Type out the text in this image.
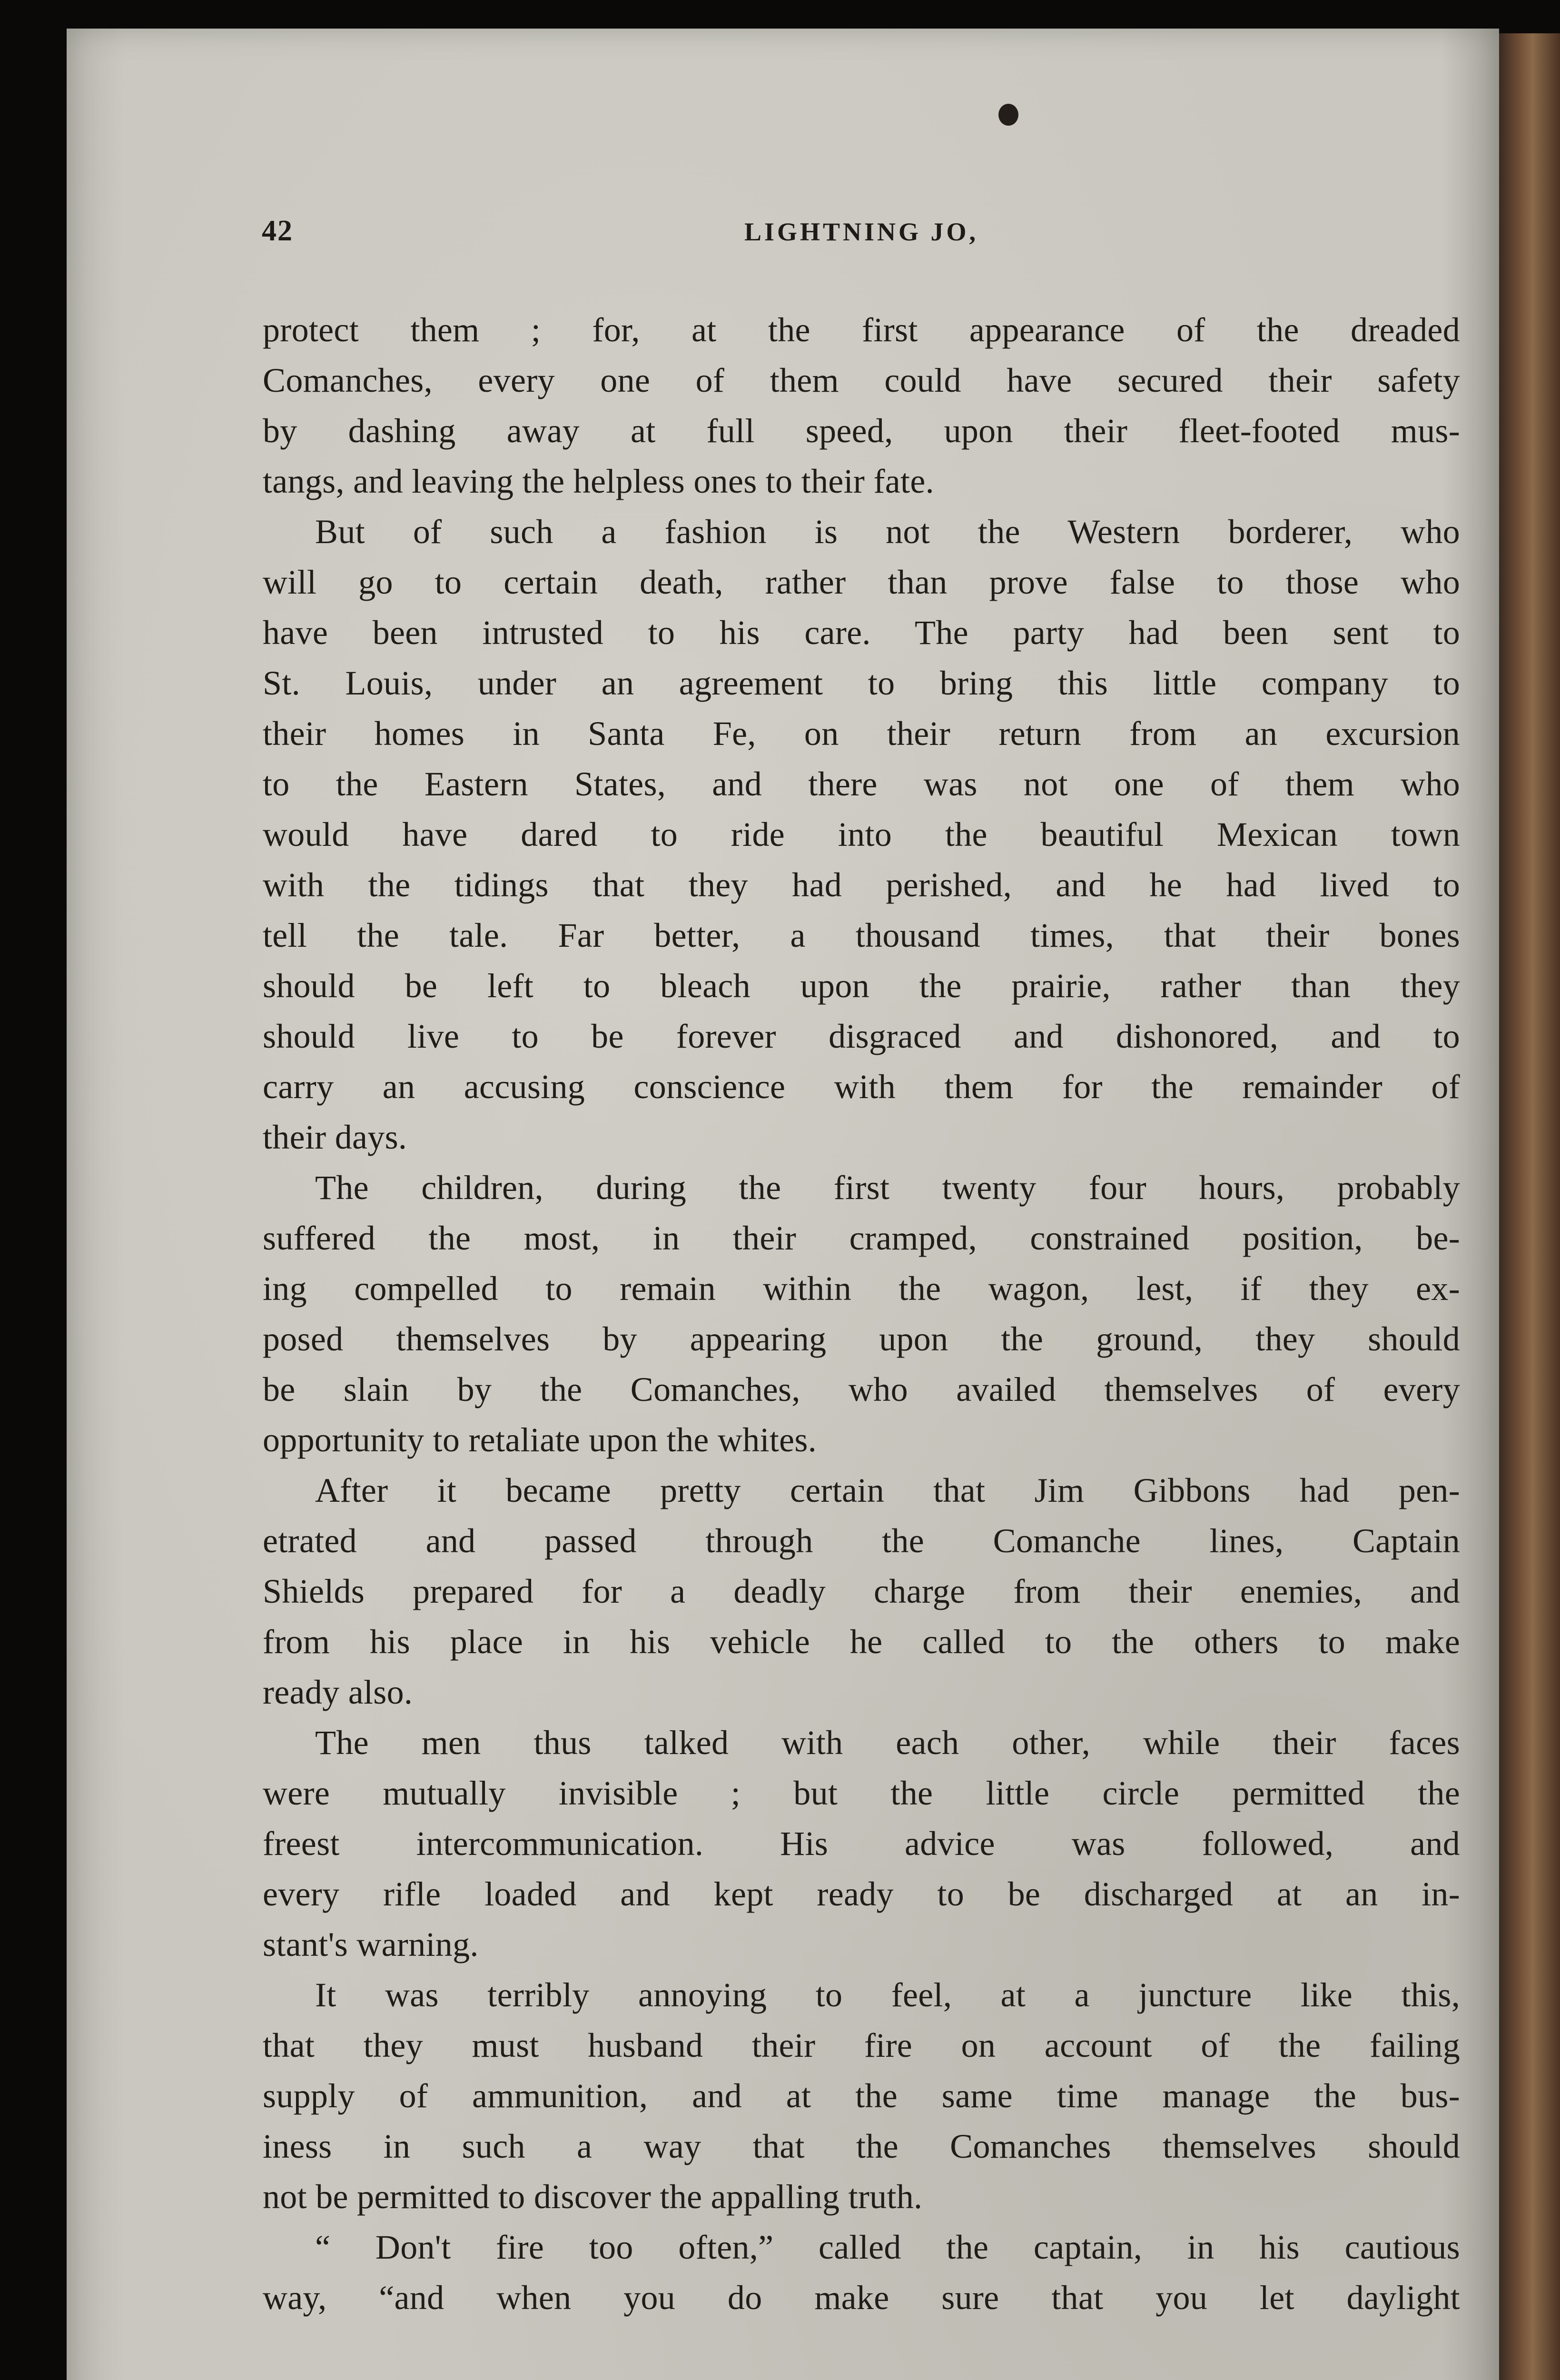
42	LIGHTNING JO,
protect them ; for, at the first appearance of the dreaded
Comanches, every one of them could have secured their safety
by dashing away at full speed, upon their fleet-footed mus-
tangs, and leaving the helpless ones to their fate.
But of such a fashion is not the Western borderer, who
will go to certain death, rather than prove false to those who
have been intrusted to his care. The party had been sent to
St. Louis, under an agreement to bring this little company to
their homes in Santa Fe, on their return from an excursion
to the Eastern States, and there was not one of them who
would have dared to ride into the beautiful Mexican town
with the tidings that they had perished, and he had lived to
tell the tale. Far better, a thousand times, that their bones
should be left to bleach upon the prairie, rather than they
should live to be forever disgraced and dishonored, and to
carry an accusing conscience with them for the remainder of
their days.
The children, during the first twenty four hours, probably
suffered the most, in their cramped, constrained position, be-
ing compelled to remain within the wagon, lest, if they ex-
posed themselves by appearing upon the ground, they should
be slain by the Comanches, who availed themselves of every
opportunity to retaliate upon the whites.
After it became pretty certain that Jim Gibbons had pen-
etrated and passed through the Comanche lines, Captain
Shields prepared for a deadly charge from their enemies, and
from his place in his vehicle he called to the others to make
ready also.
The men thus talked with each other, while their faces
were mutually invisible ; but the little circle permitted the
freest intercommunication. His advice was followed, and
every rifle loaded and kept ready to be discharged at an in-
stant's warning.
It was terribly annoying to feel, at a juncture like this,
that they must husband their fire on account of the failing
supply of ammunition, and at the same time manage the bus-
iness in such a way that the Comanches themselves should
not be permitted to discover the appalling truth.
“ Don't fire too often,” called the captain, in his cautious
way, “and when you do make sure that you let daylight
